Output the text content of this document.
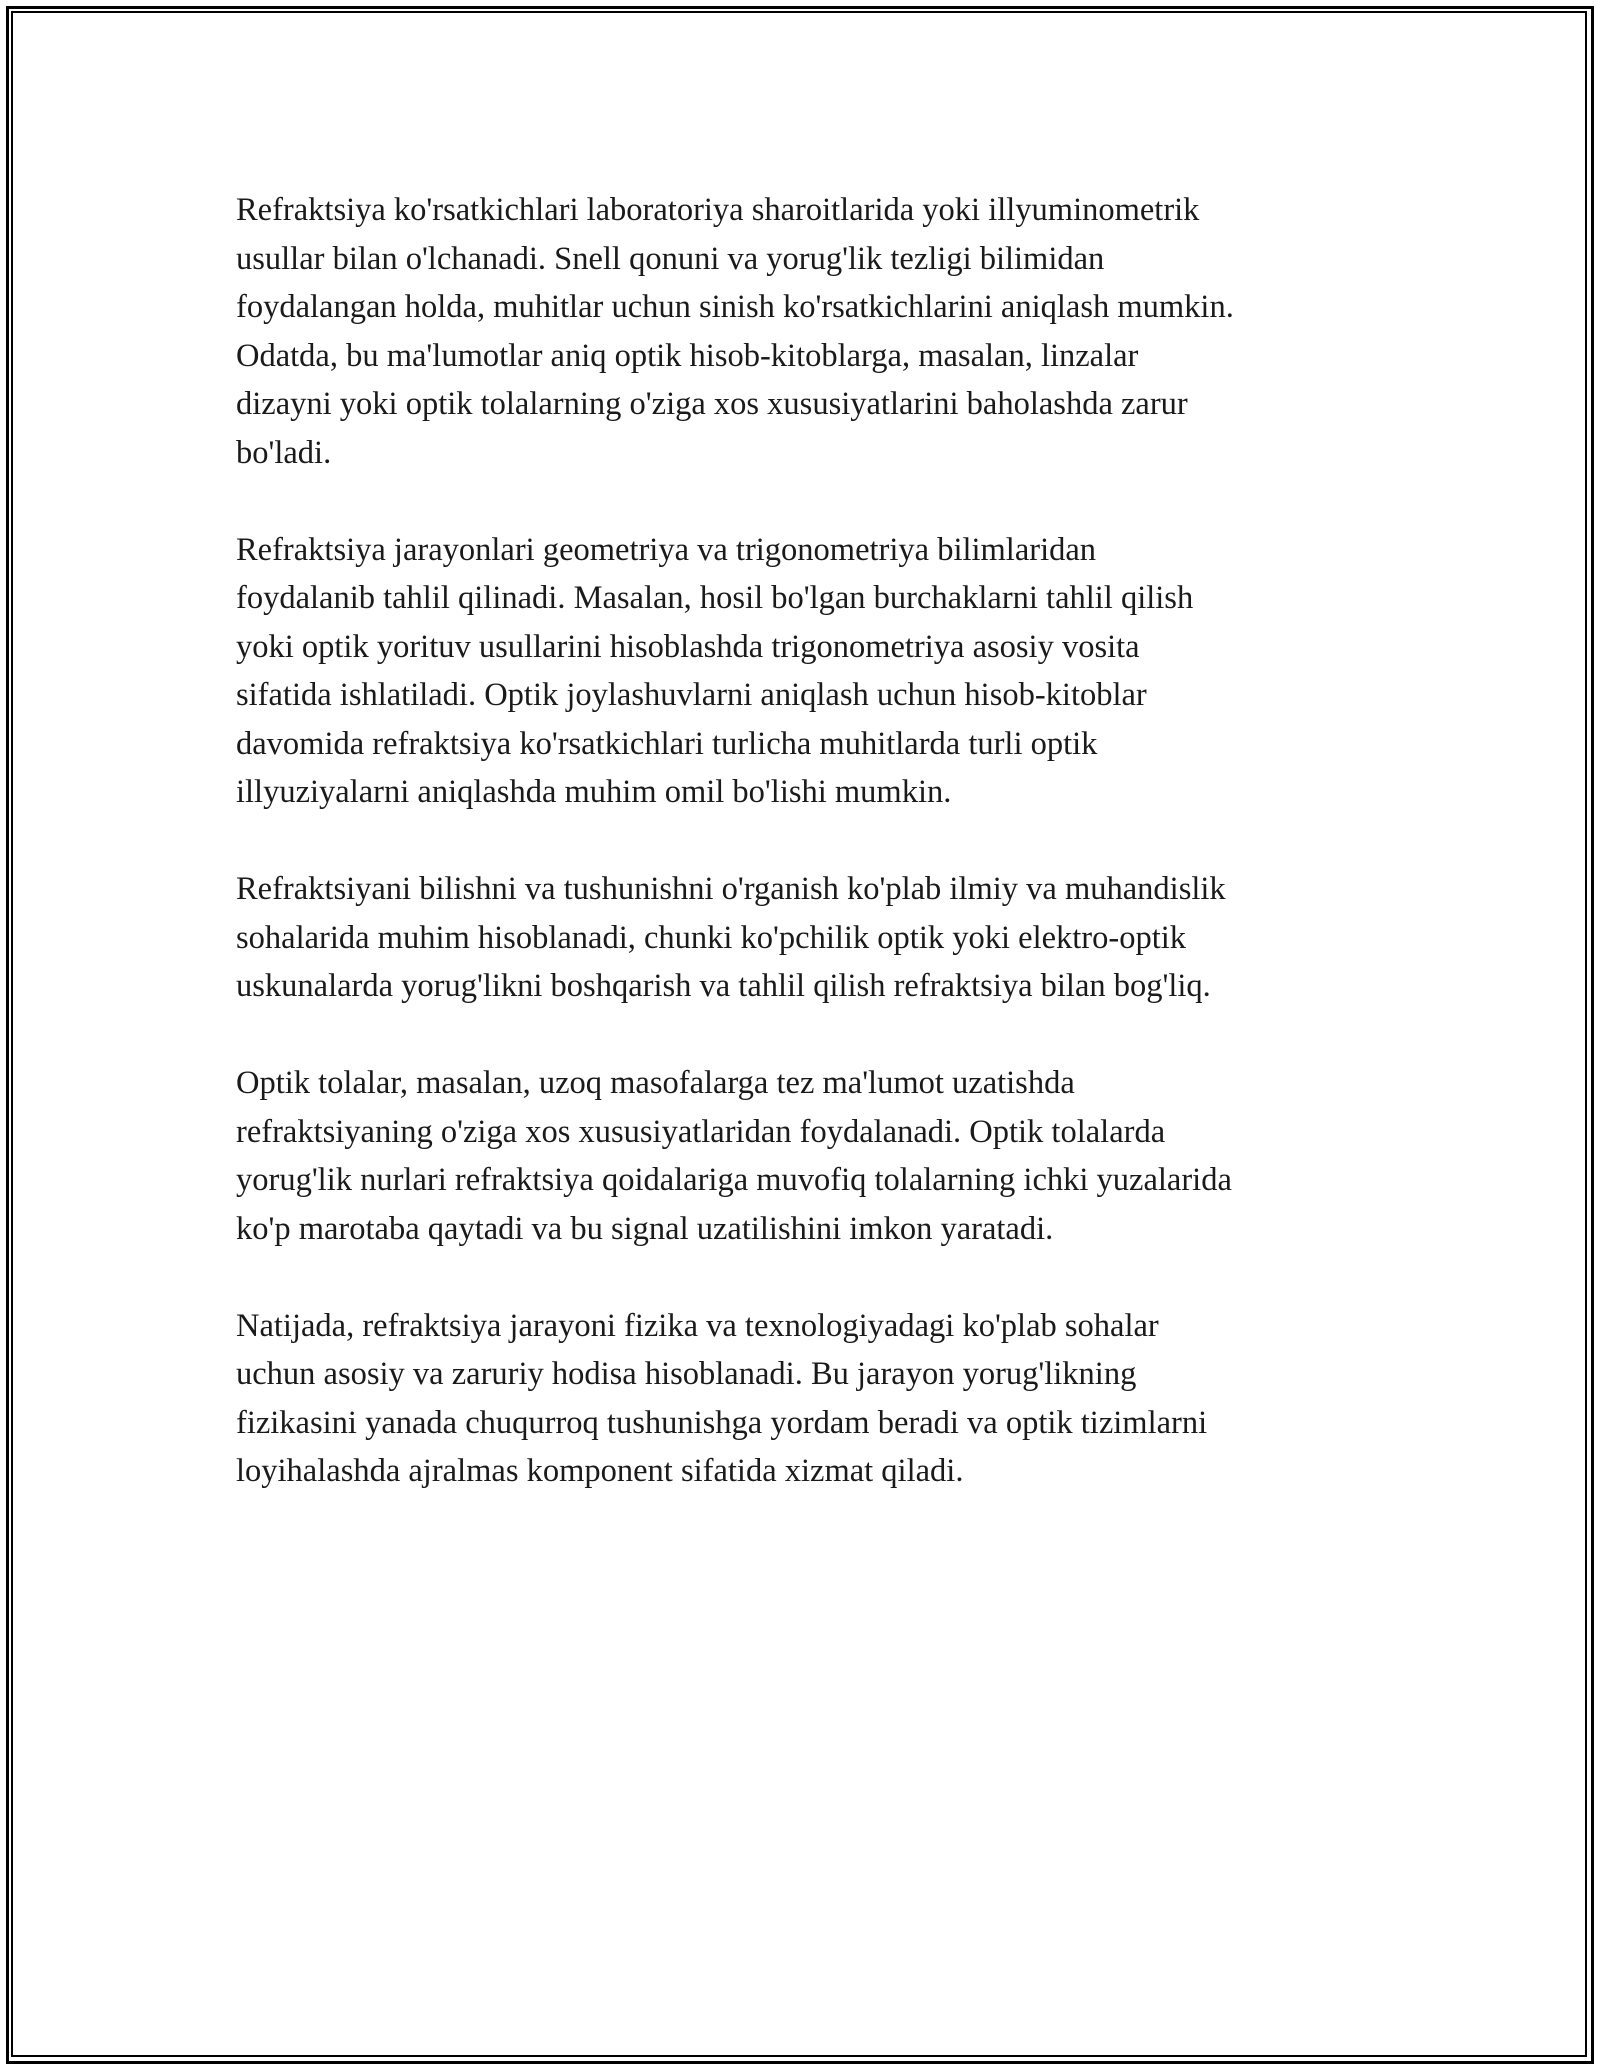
Refraktsiya ko'rsatkichlari laboratoriya sharoitlarida yoki illyuminometrik
usullar bilan o'lchanadi. Snell qonuni va yorug'lik tezligi bilimidan
foydalangan holda, muhitlar uchun sinish ko'rsatkichlarini aniqlash mumkin.
Odatda, bu ma'lumotlar aniq optik hisob-kitoblarga, masalan, linzalar
dizayni yoki optik tolalarning o'ziga xos xususiyatlarini baholashda zarur
bo'ladi.

Refraktsiya jarayonlari geometriya va trigonometriya bilimlaridan
foydalanib tahlil qilinadi. Masalan, hosil bo'lgan burchaklarni tahlil qilish
yoki optik yorituv usullarini hisoblashda trigonometriya asosiy vosita
sifatida ishlatiladi. Optik joylashuvlarni aniqlash uchun hisob-kitoblar
davomida refraktsiya ko'rsatkichlari turlicha muhitlarda turli optik
illyuziyalarni aniqlashda muhim omil bo'lishi mumkin.

Refraktsiyani bilishni va tushunishni o'rganish ko'plab ilmiy va muhandislik
sohalarida muhim hisoblanadi, chunki ko'pchilik optik yoki elektro-optik
uskunalarda yorug'likni boshqarish va tahlil qilish refraktsiya bilan bog'liq.

Optik tolalar, masalan, uzoq masofalarga tez ma'lumot uzatishda
refraktsiyaning o'ziga xos xususiyatlaridan foydalanadi. Optik tolalarda
yorug'lik nurlari refraktsiya qoidalariga muvofiq tolalarning ichki yuzalarida
ko'p marotaba qaytadi va bu signal uzatilishini imkon yaratadi.

Natijada, refraktsiya jarayoni fizika va texnologiyadagi ko'plab sohalar
uchun asosiy va zaruriy hodisa hisoblanadi. Bu jarayon yorug'likning
fizikasini yanada chuqurroq tushunishga yordam beradi va optik tizimlarni
loyihalashda ajralmas komponent sifatida xizmat qiladi.
